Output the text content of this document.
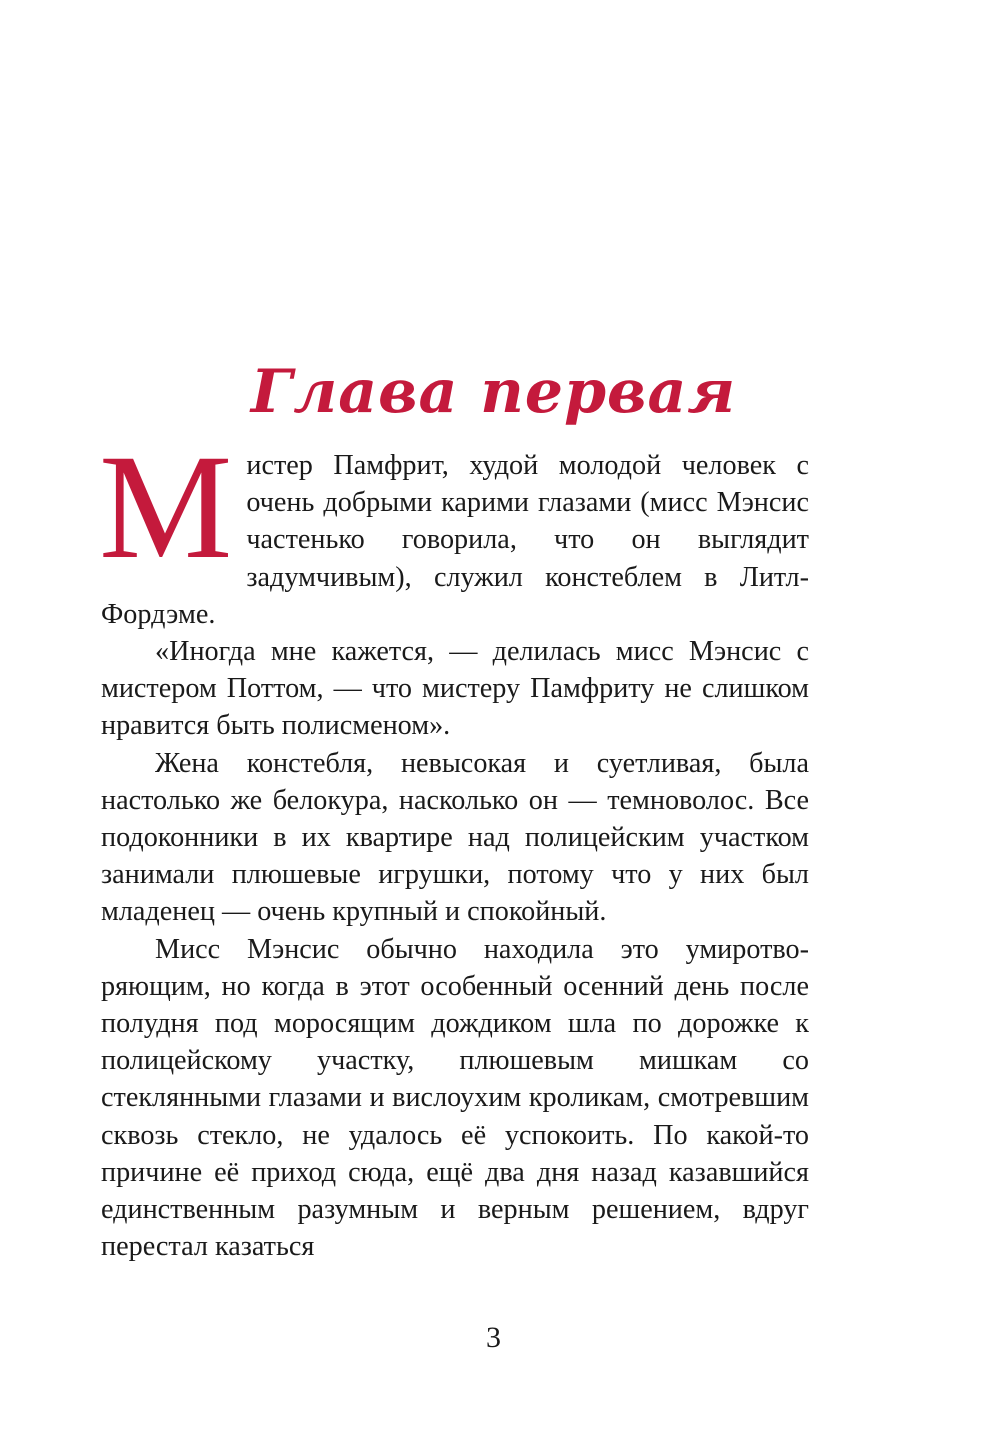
Глава первая

Мистер Памфрит, худой молодой человек с очень добрыми карими глазами (мисс Мэнсис частенько говорила, что он выглядит задумчивым), служил констеблем в Литл-Фордэме.

«Иногда мне кажется, — делилась мисс Мэнсис с мистером Поттом, — что мистеру Памфриту не слишком нравится быть полисменом».

Жена констебля, невысокая и суетливая, была настолько же белокура, насколько он — темноволос. Все подоконники в их квартире над полицейским участком занимали плюшевые игрушки, потому что у них был младенец — очень крупный и спокойный.

Мисс Мэнсис обычно находила это умиротворяющим, но когда в этот особенный осенний день после полудня под моросящим дождиком шла по дорожке к полицейскому участку, плюшевым мишкам со стеклянными глазами и вислоухим кроликам, смотревшим сквозь стекло, не удалось её успокоить. По какой-то причине её приход сюда, ещё два дня назад казавшийся единственным разумным и верным решением, вдруг перестал казаться

3
